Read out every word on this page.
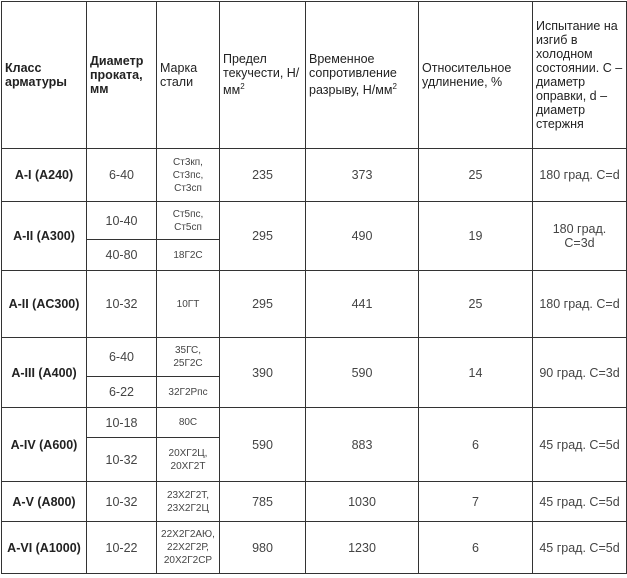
Класс арматуры	Диаметр проката, мм	Марка стали	Предел текучести, $Н/мм^2$	Временное сопротивление разрыву, $Н/мм^2$	Относительное удлинение, %	Испытание на изгиб в холодном состоянии. С – диаметр оправки, d – диаметр стержня
A-I (A240)	6-40	Ст3кп,
Ст3пс,
Ст3сп	235	373	25	180 град. С=d
A-II (A300)	10-40	Ст5пс,
Ст5сп	295	490	19	180 град.
С=3d
	40-80	18Г2С				
A-II (AC300)	10-32	10ГТ	295	441	25	180 град. С=d
A-III (A400)	6-40	35ГС,
25Г2С	390	590	14	90 град. С=3d
	6-22	32Г2Рпс				
A-IV (A600)	10-18	80С	590	883	6	45 град. С=5d
	10-32	20ХГ2Ц,
20ХГ2Т				
A-V (A800)	10-32	23Х2Г2Т,
23Х2Г2Ц	785	1030	7	45 град. С=5d
A-VI (A1000)	10-22	22Х2Г2АЮ,
22Х2Г2Р,
20Х2Г2СР	980	1230	6	45 град. С=5d
